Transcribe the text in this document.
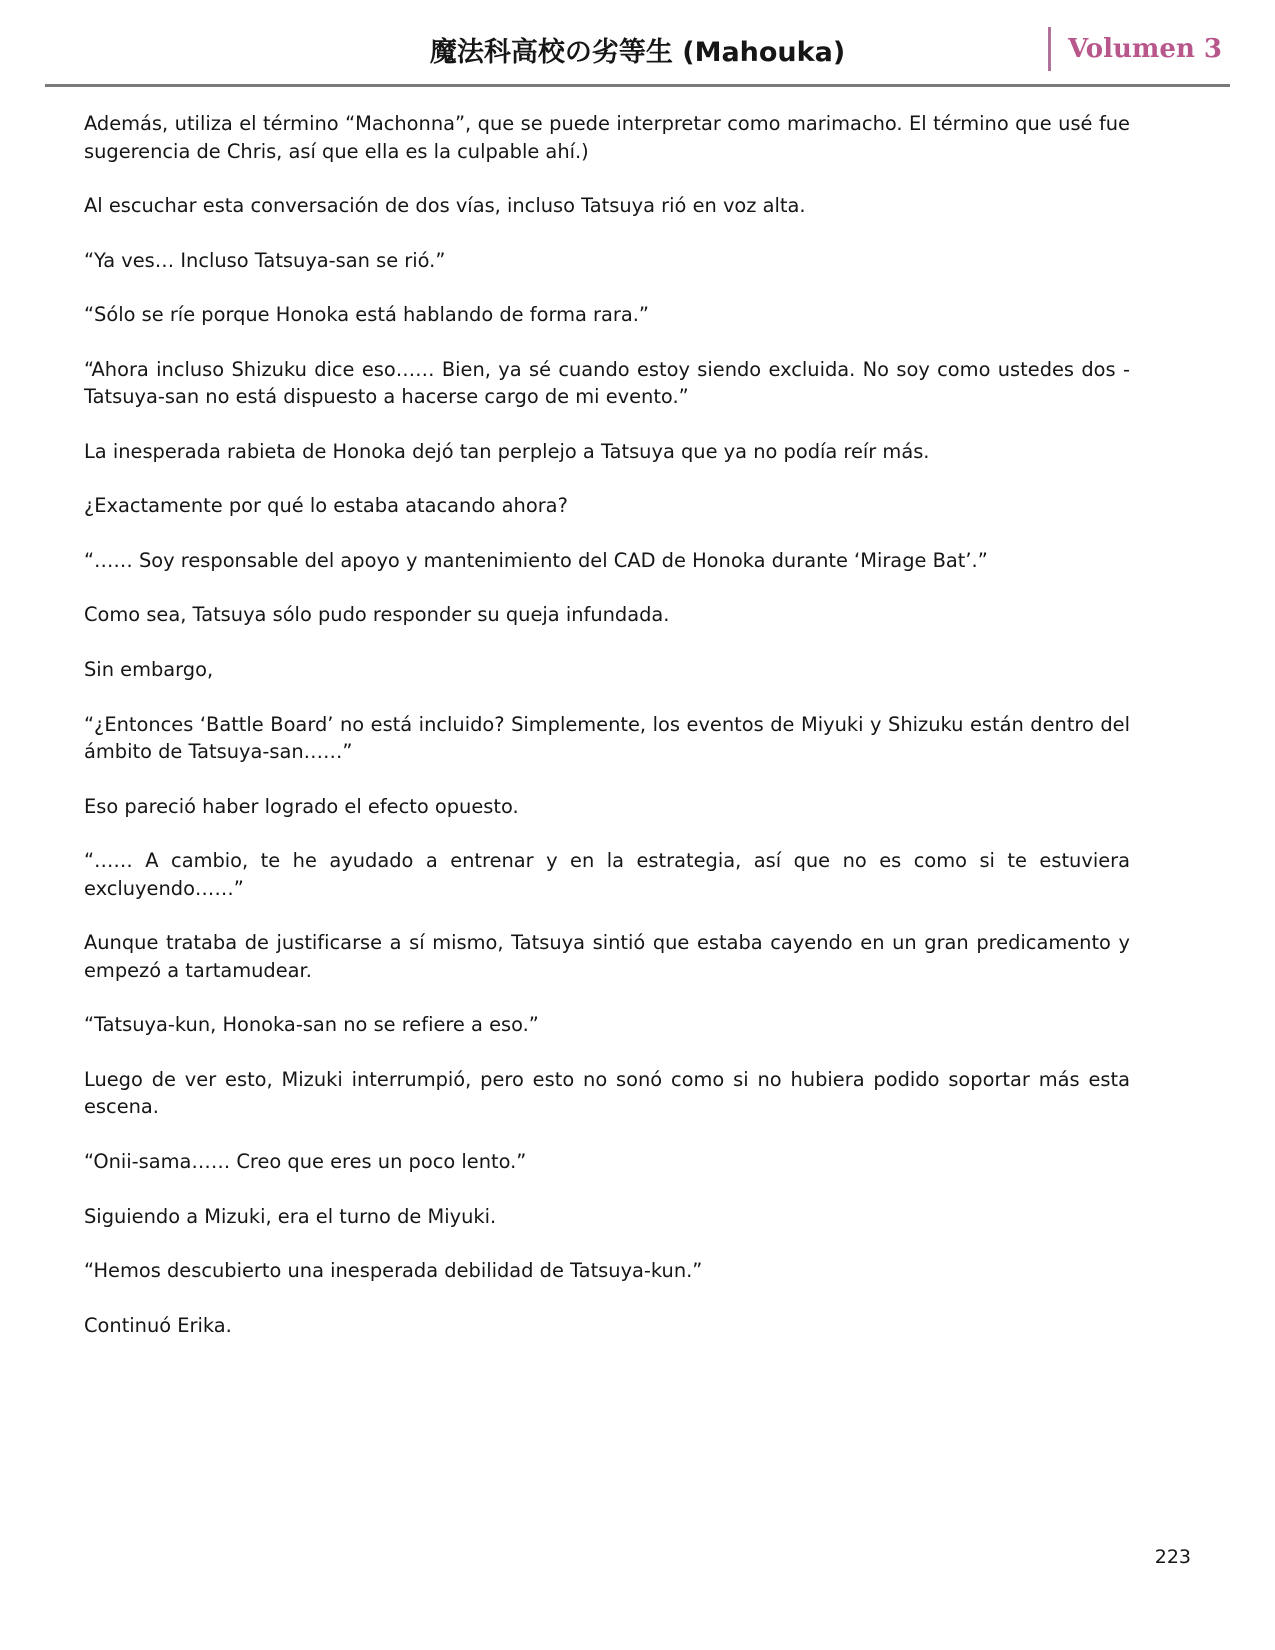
魔法科高校の劣等生 (Mahouka)	Volumen 3

Además, utiliza el término “Machonna”, que se puede interpretar como marimacho. El término que usé fue sugerencia de Chris, así que ella es la culpable ahí.)

Al escuchar esta conversación de dos vías, incluso Tatsuya rió en voz alta.

“Ya ves… Incluso Tatsuya-san se rió.”

“Sólo se ríe porque Honoka está hablando de forma rara.”

“Ahora incluso Shizuku dice eso…… Bien, ya sé cuando estoy siendo excluida. No soy como ustedes dos - Tatsuya-san no está dispuesto a hacerse cargo de mi evento.”

La inesperada rabieta de Honoka dejó tan perplejo a Tatsuya que ya no podía reír más.

¿Exactamente por qué lo estaba atacando ahora?

“…… Soy responsable del apoyo y mantenimiento del CAD de Honoka durante ‘Mirage Bat’.”

Como sea, Tatsuya sólo pudo responder su queja infundada.

Sin embargo,

“¿Entonces ‘Battle Board’ no está incluido? Simplemente, los eventos de Miyuki y Shizuku están dentro del ámbito de Tatsuya-san……”

Eso pareció haber logrado el efecto opuesto.

“…… A cambio, te he ayudado a entrenar y en la estrategia, así que no es como si te estuviera excluyendo……”

Aunque trataba de justificarse a sí mismo, Tatsuya sintió que estaba cayendo en un gran predicamento y empezó a tartamudear.

“Tatsuya-kun, Honoka-san no se refiere a eso.”

Luego de ver esto, Mizuki interrumpió, pero esto no sonó como si no hubiera podido soportar más esta escena.

“Onii-sama…… Creo que eres un poco lento.”

Siguiendo a Mizuki, era el turno de Miyuki.

“Hemos descubierto una inesperada debilidad de Tatsuya-kun.”

Continuó Erika.

223
